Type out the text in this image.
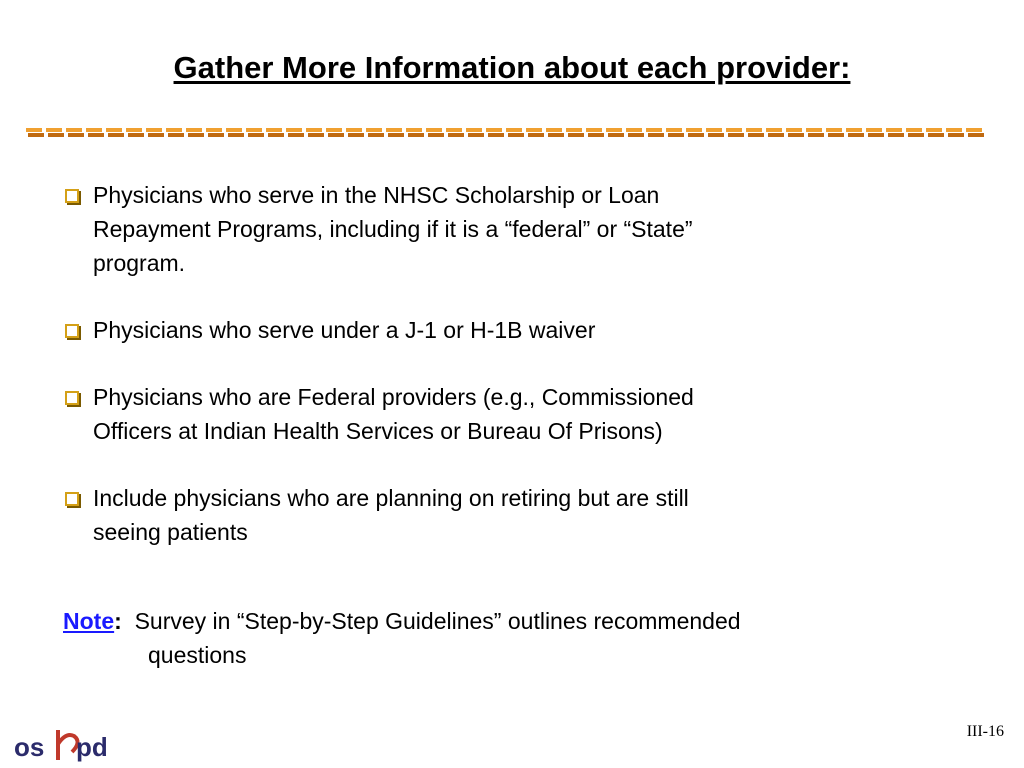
Gather More Information about each provider:
Physicians who serve in the NHSC Scholarship or Loan
Repayment Programs, including if it is a “federal” or “State”
program.
Physicians who serve under a J-1 or H-1B waiver
Physicians who are Federal providers (e.g., Commissioned
Officers at Indian Health Services or Bureau Of Prisons)
Include physicians who are planning on retiring but are still
seeing patients
Note: Survey in “Step-by-Step Guidelines” outlines recommended
questions
os pd
III-16
